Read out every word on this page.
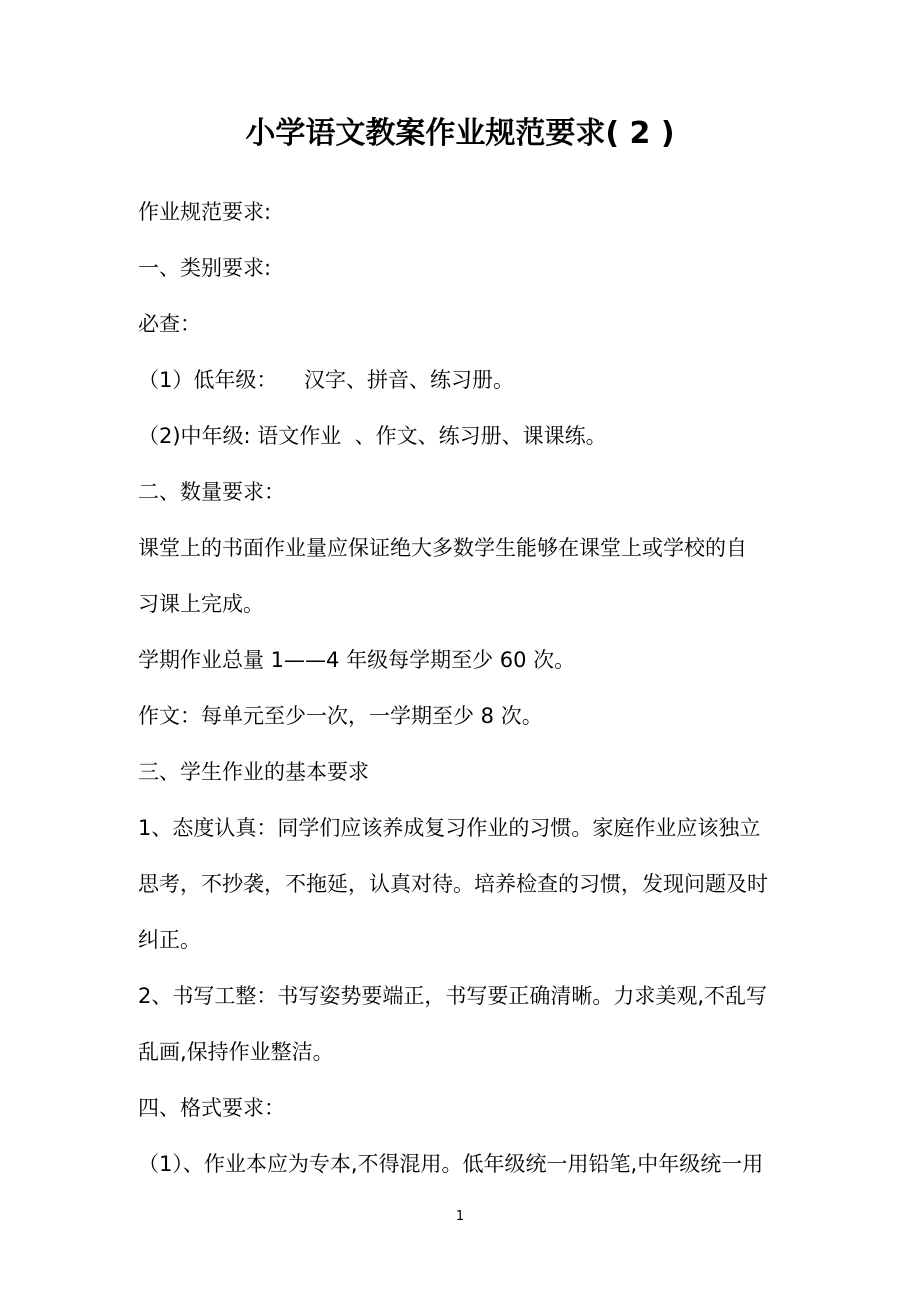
小学语文教案作业规范要求( 2 )
作业规范要求:
一、类别要求:
必查：
（1）低年级：    汉字、拼音、练习册。
（2)中年级: 语文作业  、作文、练习册、课课练。
二、数量要求：
课堂上的书面作业量应保证绝大多数学生能够在课堂上或学校的自
习课上完成。
学期作业总量 1——4 年级每学期至少 60 次。
作文：每单元至少一次，一学期至少 8 次。
三、学生作业的基本要求
1、态度认真：同学们应该养成复习作业的习惯。家庭作业应该独立
思考，不抄袭，不拖延，认真对待。培养检查的习惯，发现问题及时
纠正。
2、书写工整：书写姿势要端正，书写要正确清晰。力求美观,不乱写
乱画,保持作业整洁。
四、格式要求：
（1）、作业本应为专本,不得混用。低年级统一用铅笔,中年级统一用
1
